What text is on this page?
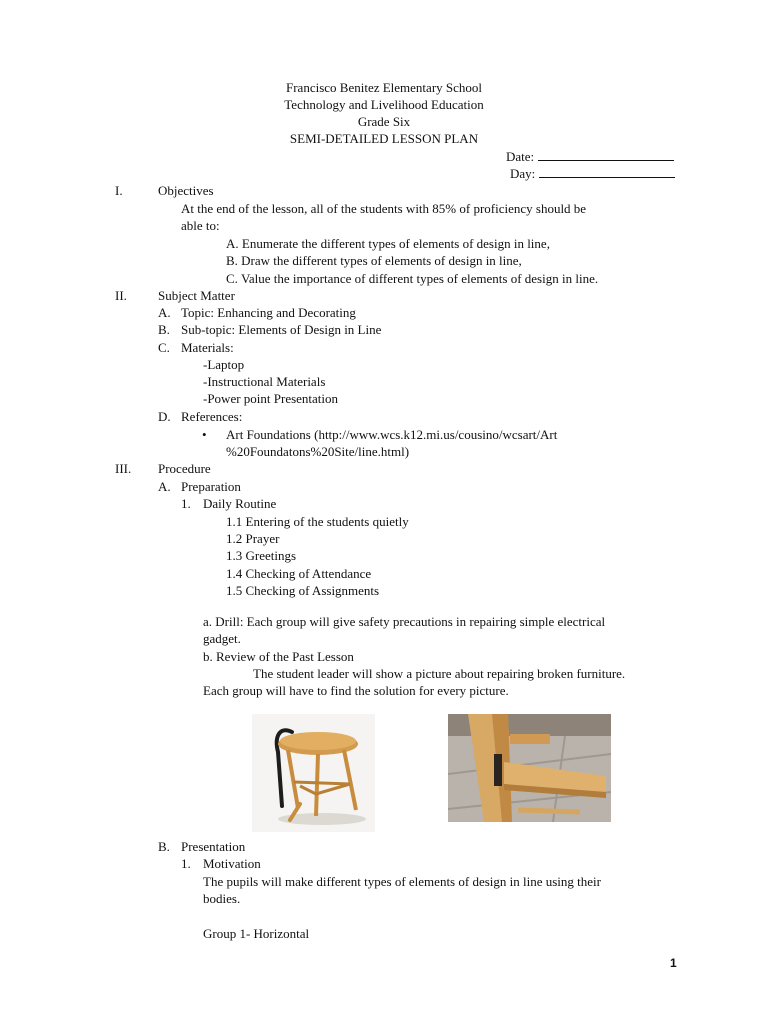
Francisco Benitez Elementary School
Technology and Livelihood Education
Grade Six
SEMI-DETAILED LESSON PLAN
Date:
Day:
I.	Objectives
At the end of the lesson, all of the students with 85% of proficiency should be
able to:
A. Enumerate the different types of elements of design in line,
B. Draw the different types of elements of design in line,
C. Value the importance of different types of elements of design in line.
II. Subject Matter
A. Topic: Enhancing and Decorating
B. Sub-topic: Elements of Design in Line
C. Materials:
-Laptop
-Instructional Materials
-Power point Presentation
D. References:
• Art Foundations (http://www.wcs.k12.mi.us/cousino/wcsart/Art
%20Foundatons%20Site/line.html)
III. Procedure
A. Preparation
1. Daily Routine
1.1 Entering of the students quietly
1.2 Prayer
1.3 Greetings
1.4 Checking of Attendance
1.5 Checking of Assignments
a. Drill: Each group will give safety precautions in repairing simple electrical
gadget.
b. Review of the Past Lesson
The student leader will show a picture about repairing broken furniture.
Each group will have to find the solution for every picture.
B. Presentation
1. Motivation
The pupils will make different types of elements of design in line using their
bodies.
Group 1- Horizontal
1
